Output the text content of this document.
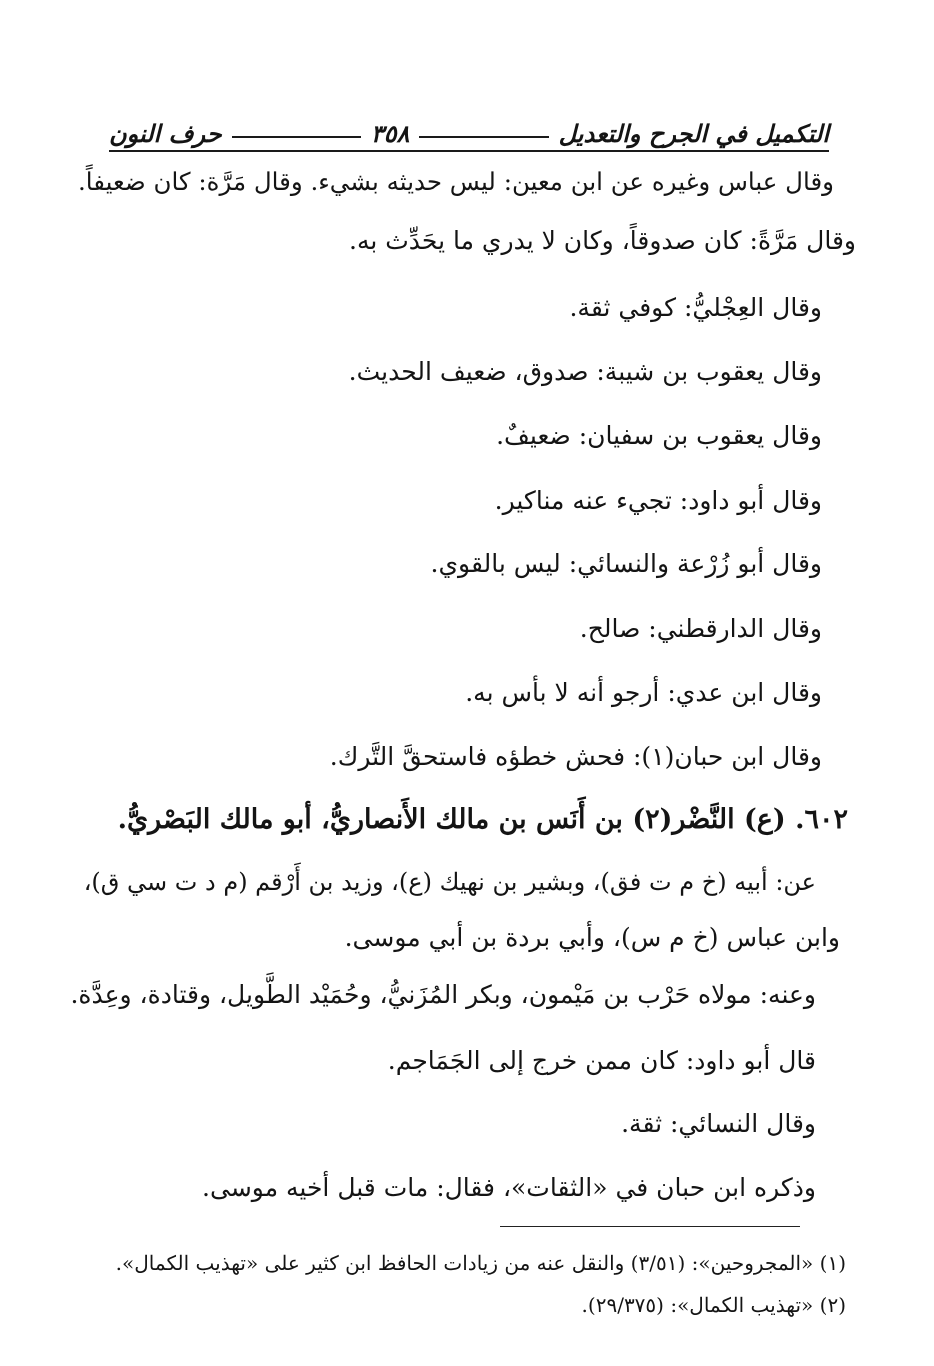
التكميل في الجرح والتعديل
٣٥٨
حرف النون
وقال عباس وغيره عن ابن معين: ليس حديثه بشيء. وقال مَرَّة: كان ضعيفاً.
وقال مَرَّةً: كان صدوقاً، وكان لا يدري ما يحَدِّث به.
وقال العِجْليُّ: كوفي ثقة.
وقال يعقوب بن شيبة: صدوق، ضعيف الحديث.
وقال يعقوب بن سفيان: ضعيفٌ.
وقال أبو داود: تجيء عنه مناكير.
وقال أبو زُرْعة والنسائي: ليس بالقوي.
وقال الدارقطني: صالح.
وقال ابن عدي: أرجو أنه لا بأس به.
وقال ابن حبان(١): فحش خطؤه فاستحقَّ التَّرك.
٦٠٢. (ع) النَّضْر(٢) بن أَنَس بن مالك الأَنصاريُّ، أبو مالك البَصْريُّ.
عن: أبيه (خ م ت فق)، وبشير بن نهيك (ع)، وزيد بن أَرْقم (م د ت سي ق)،
وابن عباس (خ م س)، وأبي بردة بن أبي موسى.
وعنه: مولاه حَرْب بن مَيْمون، وبكر المُزَنيُّ، وحُمَيْد الطَّويل، وقتادة، وعِدَّة.
قال أبو داود: كان ممن خرج إلى الجَمَاجم.
وقال النسائي: ثقة.
وذكره ابن حبان في «الثقات»، فقال: مات قبل أخيه موسى.
(١) «المجروحين»: (٣/٥١) والنقل عنه من زيادات الحافظ ابن كثير على «تهذيب الكمال».
(٢) «تهذيب الكمال»: (٢٩/٣٧٥).
